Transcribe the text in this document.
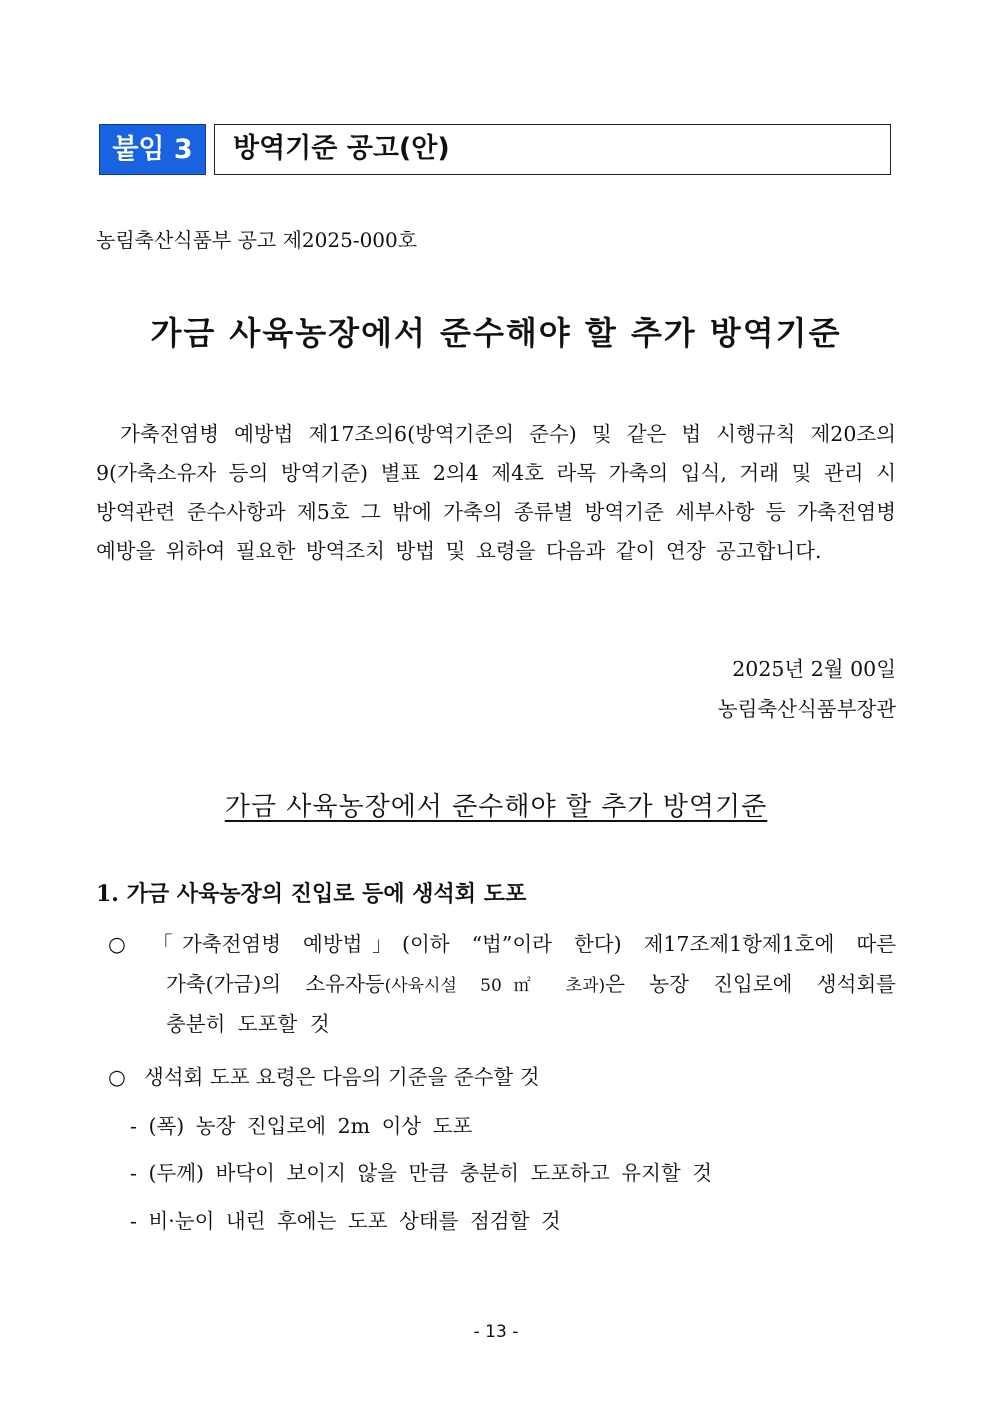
붙임 3	방역기준 공고(안)
농림축산식품부 공고 제2025-000호
가금 사육농장에서 준수해야 할 추가 방역기준
가축전염병 예방법 제17조의6(방역기준의 준수) 및 같은 법 시행규칙 제20조의9(가축소유자 등의 방역기준) 별표 2의4 제4호 라목 가축의 입식, 거래 및 관리 시 방역관련 준수사항과 제5호 그 밖에 가축의 종류별 방역기준 세부사항 등 가축전염병 예방을 위하여 필요한 방역조치 방법 및 요령을 다음과 같이 연장 공고합니다.
2025년 2월 00일
농림축산식품부장관
가금 사육농장에서 준수해야 할 추가 방역기준
1. 가금 사육농장의 진입로 등에 생석회 도포
○	「가축전염병 예방법」(이하 “법”이라 한다) 제17조제1항제1호에 따른
가축(가금)의 소유자등(사육시설 50㎡ 초과)은 농장 진입로에 생석회를
충분히 도포할 것
○ 생석회 도포 요령은 다음의 기준을 준수할 것
- (폭) 농장 진입로에 2m 이상 도포
- (두께) 바닥이 보이지 않을 만큼 충분히 도포하고 유지할 것
- 비·눈이 내린 후에는 도포 상태를 점검할 것
- 13 -
